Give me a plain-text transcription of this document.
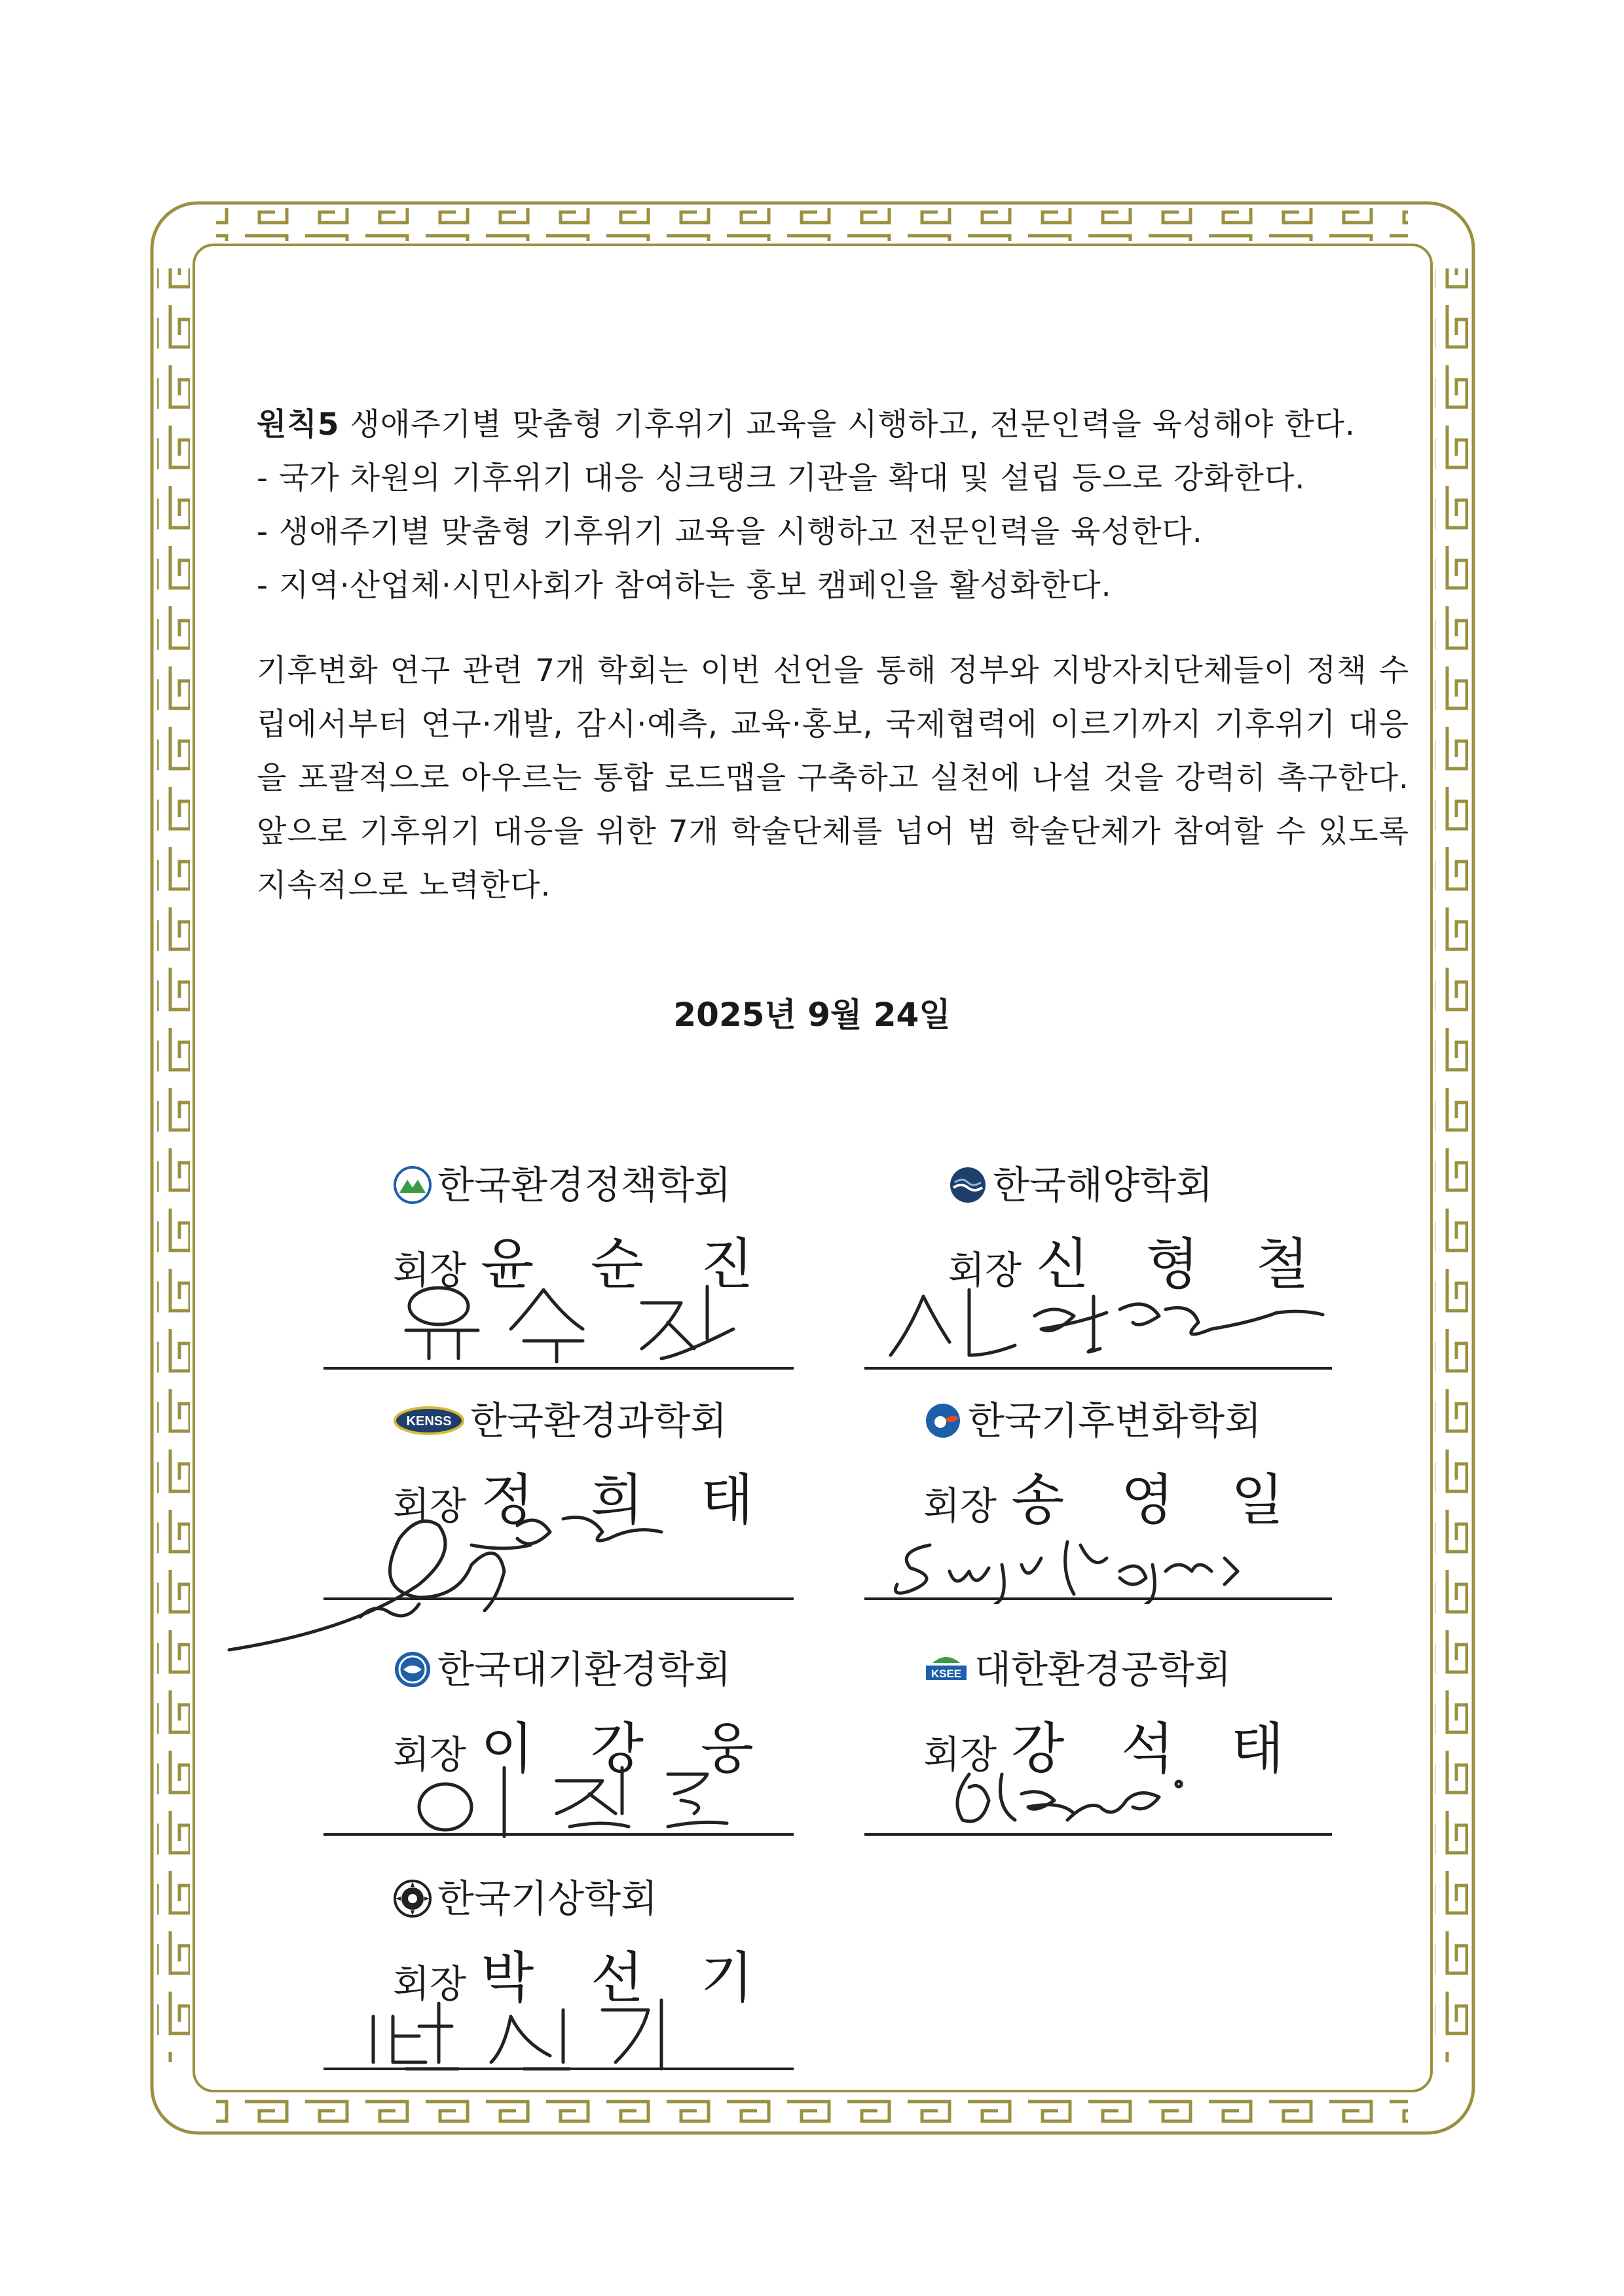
원칙5 생애주기별 맞춤형 기후위기 교육을 시행하고, 전문인력을 육성해야 한다.
- 국가 차원의 기후위기 대응 싱크탱크 기관을 확대 및 설립 등으로 강화한다.
- 생애주기별 맞춤형 기후위기 교육을 시행하고 전문인력을 육성한다.
- 지역·산업체·시민사회가 참여하는 홍보 캠페인을 활성화한다.
기후변화 연구 관련 7개 학회는 이번 선언을 통해 정부와 지방자치단체들이 정책 수립에서부터 연구·개발, 감시·예측, 교육·홍보, 국제협력에 이르기까지 기후위기 대응을 포괄적으로 아우르는 통합 로드맵을 구축하고 실천에 나설 것을 강력히 촉구한다. 앞으로 기후위기 대응을 위한 7개 학술단체를 넘어 범 학술단체가 참여할 수 있도록 지속적으로 노력한다.
2025년 9월 24일
한국환경정책학회
회장 윤 순 진
한국해양학회
회장 신 형 철
KENSS 한국환경과학회
회장 정 희 태
한국기후변화학회
회장 송 영 일
한국대기환경학회
회장 이 강 웅
KSEE 대한환경공학회
회장 강 석 태
한국기상학회
회장 박 선 기
